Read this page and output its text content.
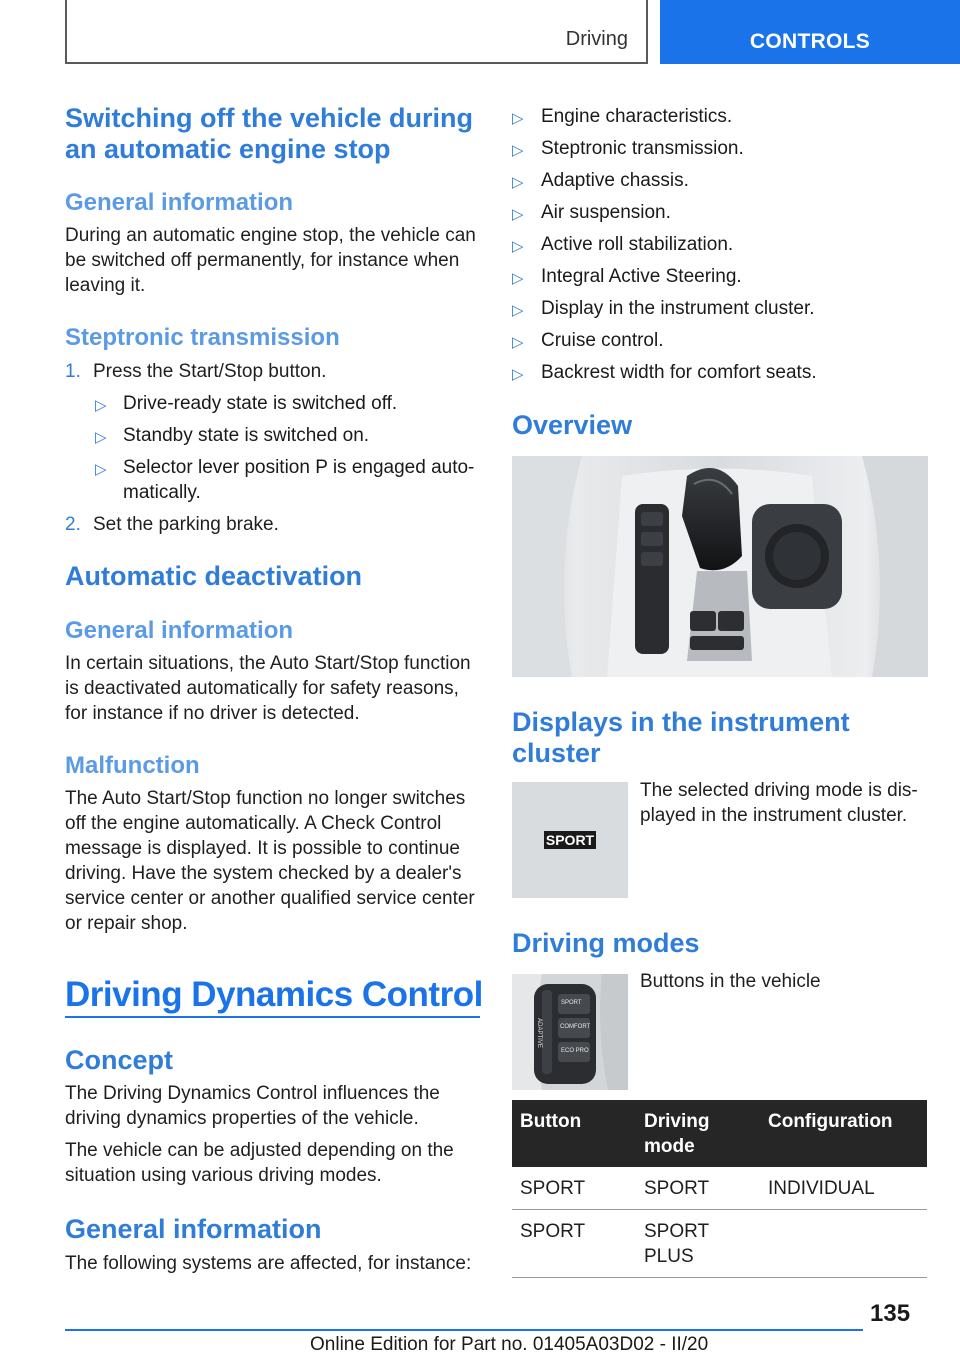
Driving	CONTROLS
Switching off the vehicle during an automatic engine stop
General information
During an automatic engine stop, the vehicle can be switched off permanently, for instance when leaving it.
Steptronic transmission
1. Press the Start/Stop button.
▷ Drive-ready state is switched off.
▷ Standby state is switched on.
▷ Selector lever position P is engaged auto-matically.
2. Set the parking brake.
Automatic deactivation
General information
In certain situations, the Auto Start/Stop function is deactivated automatically for safety reasons, for instance if no driver is detected.
Malfunction
The Auto Start/Stop function no longer switches off the engine automatically. A Check Control message is displayed. It is possible to continue driving. Have the system checked by a dealer's service center or another qualified service center or repair shop.
Driving Dynamics Control
Concept
The Driving Dynamics Control influences the driving dynamics properties of the vehicle.
The vehicle can be adjusted depending on the situation using various driving modes.
General information
The following systems are affected, for instance:
▷ Engine characteristics.
▷ Steptronic transmission.
▷ Adaptive chassis.
▷ Air suspension.
▷ Active roll stabilization.
▷ Integral Active Steering.
▷ Display in the instrument cluster.
▷ Cruise control.
▷ Backrest width for comfort seats.
Overview
Displays in the instrument cluster
SPORT
The selected driving mode is dis-played in the instrument cluster.
Driving modes
SPORT
COMFORT
ECO PRO
ADAPTIVE
Buttons in the vehicle
Button	Driving mode	Configuration
SPORT	SPORT	INDIVIDUAL
SPORT	SPORT PLUS	
135
Online Edition for Part no. 01405A03D02 - II/20
